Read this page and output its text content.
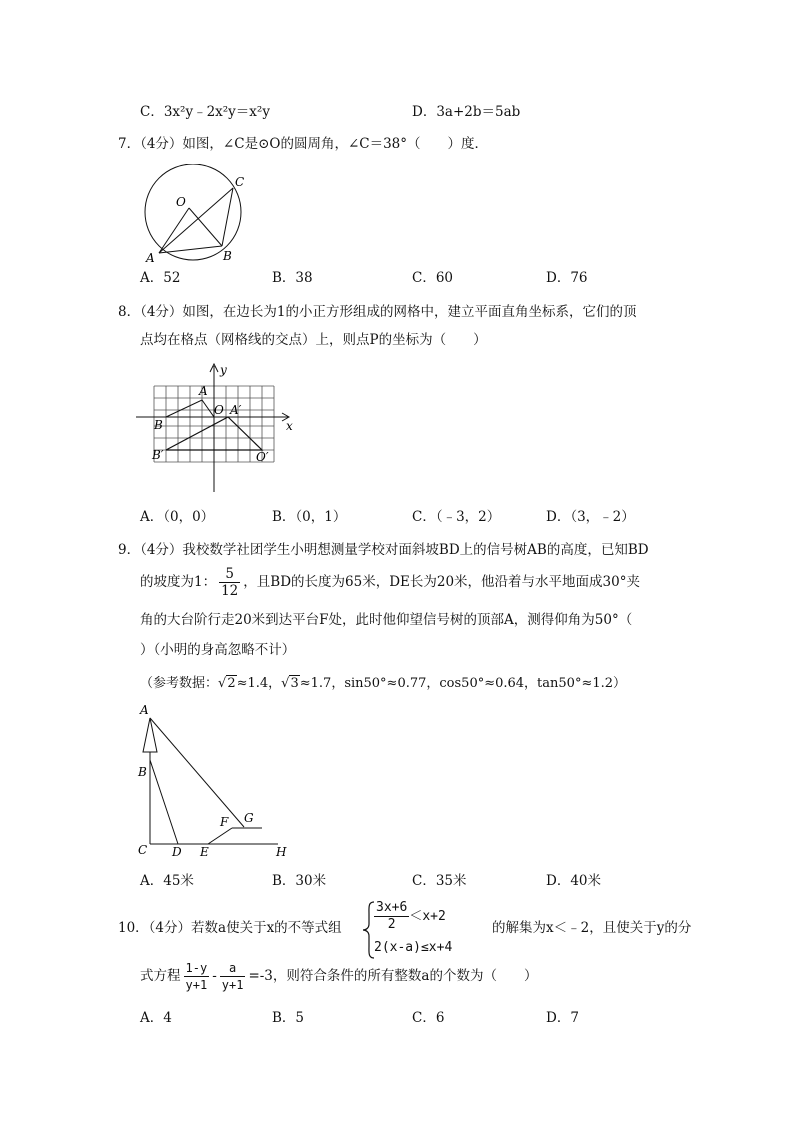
C．3x²y﹣2x²y＝x²y	D．3a+2b＝5ab
7．（4分）如图，∠C是⊙O的圆周角，∠C＝38°（　　）度．
O
A	B
C
A．52	B．38	C．60	D．76
8．（4分）如图，在边长为1的小正方形组成的网格中，建立平面直角坐标系，它们的顶
点均在格点（网格线的交点）上，则点P的坐标为（　　）
y
x
A
O A′
B
B′	O′
A．（0，0）	B．（0，1）	C．（﹣3，2）	D．（3，﹣2）
9．（4分）我校数学社团学生小明想测量学校对面斜坡BD上的信号树AB的高度，已知BD
的坡度为1： $\frac{5}{12}$ ，且BD的长度为65米，DE长为20米，他沿着与水平地面成30°夹
角的大台阶行走20米到达平台F处，此时他仰望信号树的顶部A，测得仰角为50°（
）（小明的身高忽略不计）
（参考数据：√2≈1.4，√3≈1.7，sin50°≈0.77，cos50°≈0.64，tan50°≈1.2）
A
B
C D E
F G
H
A．45米	B．30米	C．35米	D．40米
10．（4分）若数a使关于x的不等式组 $\frac{3x+6}{2} <x+2$
2(x-a)≤x+4
的解集为x＜﹣2，且使关于y的分
式方程 $\frac{1-y}{y+1} - \frac{a}{y+1} =-3$，则符合条件的所有整数a的个数为（　　）
A．4	B．5	C．6	D．7
